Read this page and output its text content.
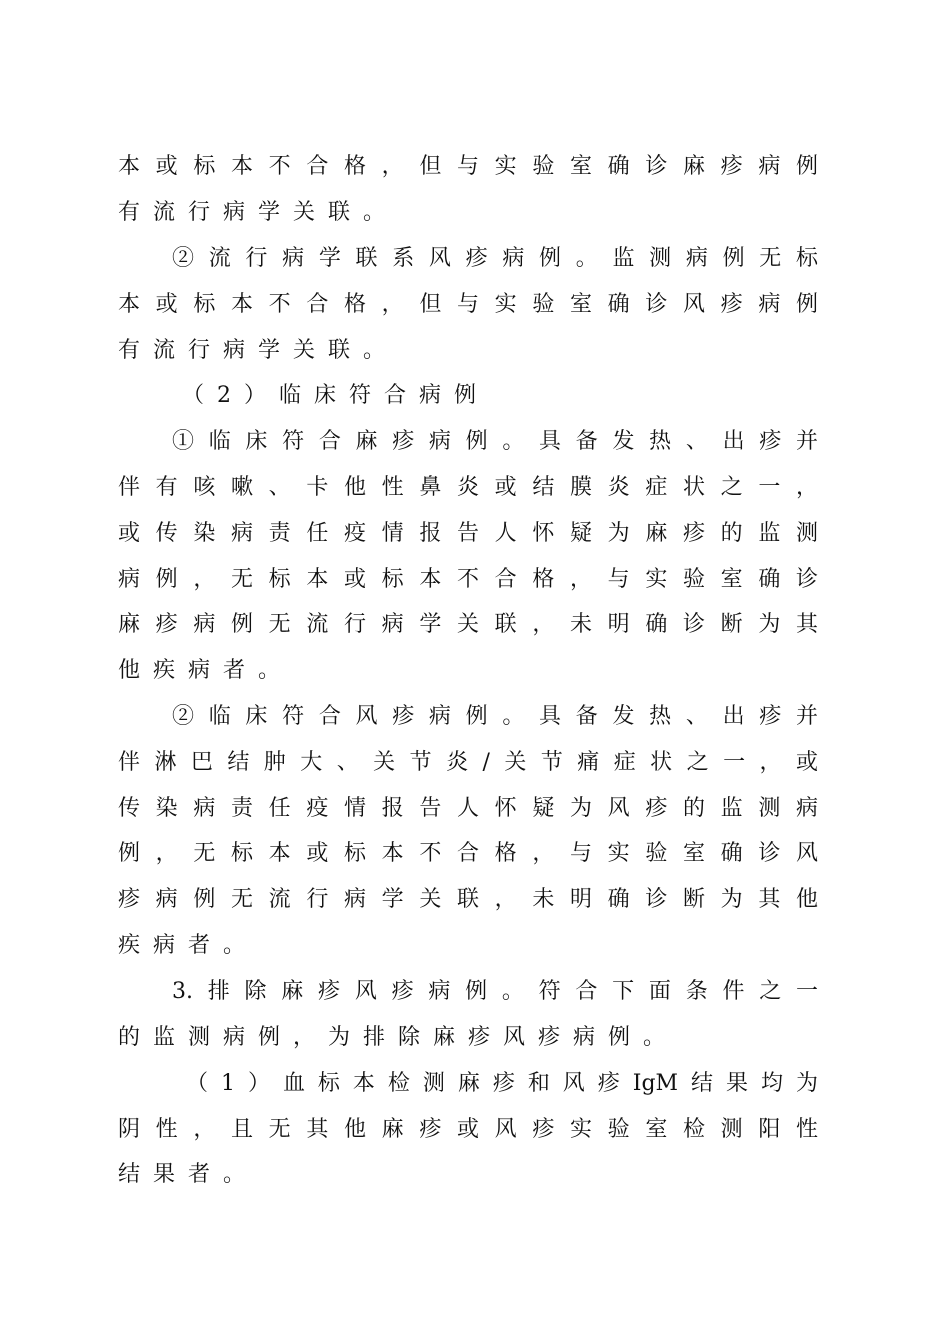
本或标本不合格，但与实验室确诊麻疹病例
有流行病学关联。
②流行病学联系风疹病例。监测病例无标
本或标本不合格，但与实验室确诊风疹病例
有流行病学关联。
（2）临床符合病例
①临床符合麻疹病例。具备发热、出疹并
伴有咳嗽、卡他性鼻炎或结膜炎症状之一，
或传染病责任疫情报告人怀疑为麻疹的监测
病例，无标本或标本不合格，与实验室确诊
麻疹病例无流行病学关联，未明确诊断为其
他疾病者。
②临床符合风疹病例。具备发热、出疹并
伴淋巴结肿大、关节炎/关节痛症状之一，或
传染病责任疫情报告人怀疑为风疹的监测病
例，无标本或标本不合格，与实验室确诊风
疹病例无流行病学关联，未明确诊断为其他
疾病者。
3.排除麻疹风疹病例。符合下面条件之一
的监测病例，为排除麻疹风疹病例。
（1）血标本检测麻疹和风疹IgM结果均为
阴性，且无其他麻疹或风疹实验室检测阳性
结果者。
